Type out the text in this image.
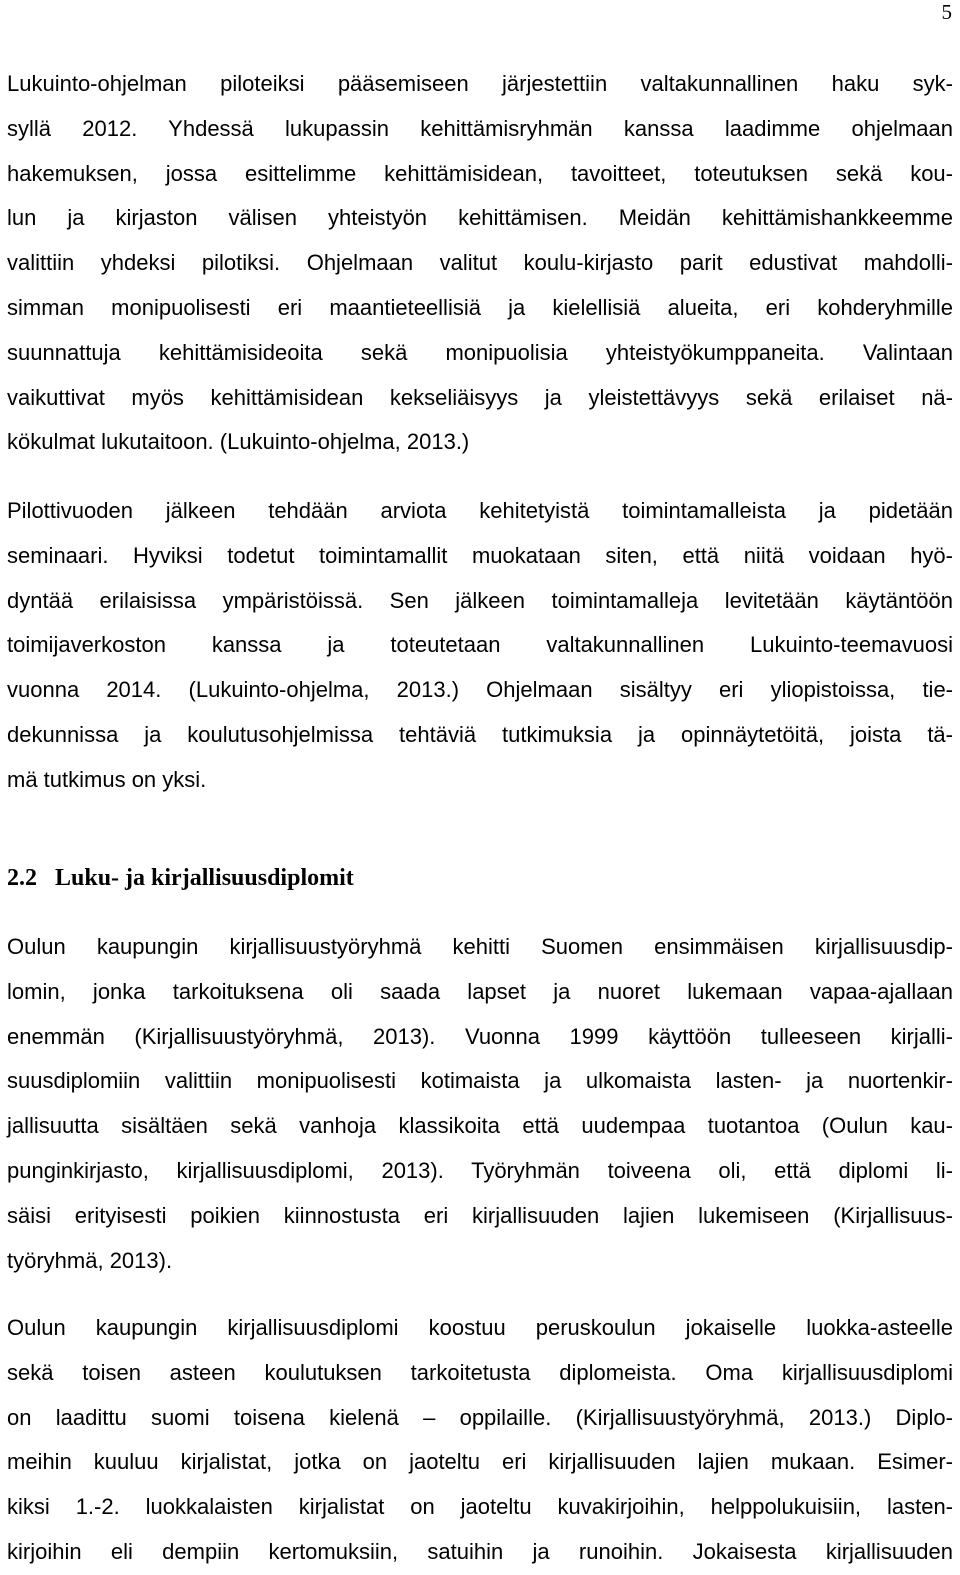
5

Lukuinto-ohjelman piloteiksi pääsemiseen järjestettiin valtakunnallinen haku syk-
syllä 2012. Yhdessä lukupassin kehittämisryhmän kanssa laadimme ohjelmaan
hakemuksen, jossa esittelimme kehittämisidean, tavoitteet, toteutuksen sekä kou-
lun ja kirjaston välisen yhteistyön kehittämisen. Meidän kehittämishankkeemme
valittiin yhdeksi pilotiksi. Ohjelmaan valitut koulu-kirjasto parit edustivat mahdolli-
simman monipuolisesti eri maantieteellisiä ja kielellisiä alueita, eri kohderyhmille
suunnattuja kehittämisideoita sekä monipuolisia yhteistyökumppaneita. Valintaan
vaikuttivat myös kehittämisidean kekseliäisyys ja yleistettävyys sekä erilaiset nä-
kökulmat lukutaitoon. (Lukuinto-ohjelma, 2013.)

Pilottivuoden jälkeen tehdään arviota kehitetyistä toimintamalleista ja pidetään
seminaari. Hyviksi todetut toimintamallit muokataan siten, että niitä voidaan hyö-
dyntää erilaisissa ympäristöissä. Sen jälkeen toimintamalleja levitetään käytäntöön
toimijaverkoston kanssa ja toteutetaan valtakunnallinen Lukuinto-teemavuosi
vuonna 2014. (Lukuinto-ohjelma, 2013.) Ohjelmaan sisältyy eri yliopistoissa, tie-
dekunnissa ja koulutusohjelmissa tehtäviä tutkimuksia ja opinnäytetöitä, joista tä-
mä tutkimus on yksi.

2.2 Luku- ja kirjallisuusdiplomit

Oulun kaupungin kirjallisuustyöryhmä kehitti Suomen ensimmäisen kirjallisuusdip-
lomin, jonka tarkoituksena oli saada lapset ja nuoret lukemaan vapaa-ajallaan
enemmän (Kirjallisuustyöryhmä, 2013). Vuonna 1999 käyttöön tulleeseen kirjalli-
suusdiplomiin valittiin monipuolisesti kotimaista ja ulkomaista lasten- ja nuortenkir-
jallisuutta sisältäen sekä vanhoja klassikoita että uudempaa tuotantoa (Oulun kau-
punginkirjasto, kirjallisuusdiplomi, 2013). Työryhmän toiveena oli, että diplomi li-
säisi erityisesti poikien kiinnostusta eri kirjallisuuden lajien lukemiseen (Kirjallisuus-
työryhmä, 2013).

Oulun kaupungin kirjallisuusdiplomi koostuu peruskoulun jokaiselle luokka-asteelle
sekä toisen asteen koulutuksen tarkoitetusta diplomeista. Oma kirjallisuusdiplomi
on laadittu suomi toisena kielenä – oppilaille. (Kirjallisuustyöryhmä, 2013.) Diplo-
meihin kuuluu kirjalistat, jotka on jaoteltu eri kirjallisuuden lajien mukaan. Esimer-
kiksi 1.-2. luokkalaisten kirjalistat on jaoteltu kuvakirjoihin, helppolukuisiin, lasten-
kirjoihin eli dempiin kertomuksiin, satuihin ja runoihin. Jokaisesta kirjallisuuden
